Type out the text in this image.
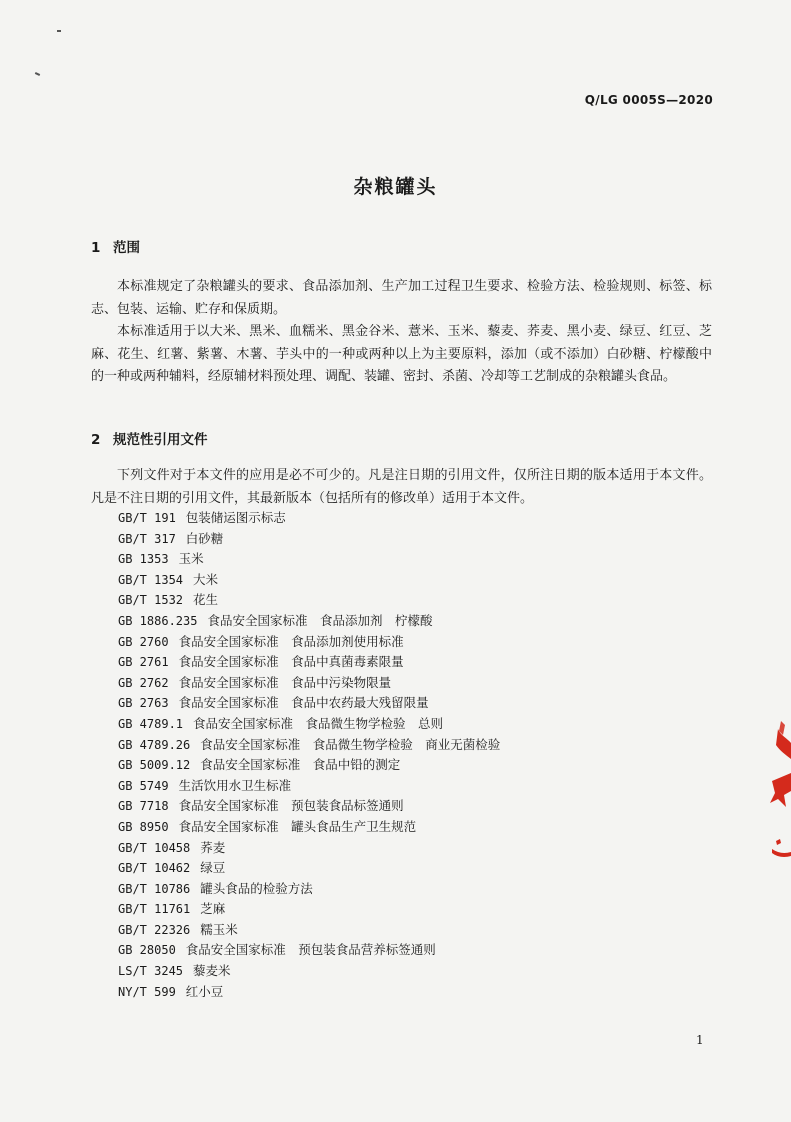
Q/LG 0005S—2020
杂粮罐头
1 范围
本标准规定了杂粮罐头的要求、食品添加剂、生产加工过程卫生要求、检验方法、检验规则、标签、标志、包装、运输、贮存和保质期。
本标准适用于以大米、黑米、血糯米、黑金谷米、薏米、玉米、藜麦、荞麦、黑小麦、绿豆、红豆、芝麻、花生、红薯、紫薯、木薯、芋头中的一种或两种以上为主要原料，添加（或不添加）白砂糖、柠檬酸中的一种或两种辅料，经原辅材料预处理、调配、装罐、密封、杀菌、冷却等工艺制成的杂粮罐头食品。
2 规范性引用文件
下列文件对于本文件的应用是必不可少的。凡是注日期的引用文件，仅所注日期的版本适用于本文件。凡是不注日期的引用文件，其最新版本（包括所有的修改单）适用于本文件。
GB/T 191 包装储运图示标志
GB/T 317 白砂糖
GB 1353 玉米
GB/T 1354 大米
GB/T 1532 花生
GB 1886.235 食品安全国家标准　食品添加剂　柠檬酸
GB 2760 食品安全国家标准　食品添加剂使用标准
GB 2761 食品安全国家标准　食品中真菌毒素限量
GB 2762 食品安全国家标准　食品中污染物限量
GB 2763 食品安全国家标准　食品中农药最大残留限量
GB 4789.1 食品安全国家标准　食品微生物学检验　总则
GB 4789.26 食品安全国家标准　食品微生物学检验　商业无菌检验
GB 5009.12 食品安全国家标准　食品中铅的测定
GB 5749 生活饮用水卫生标准
GB 7718 食品安全国家标准　预包装食品标签通则
GB 8950 食品安全国家标准　罐头食品生产卫生规范
GB/T 10458 荞麦
GB/T 10462 绿豆
GB/T 10786 罐头食品的检验方法
GB/T 11761 芝麻
GB/T 22326 糯玉米
GB 28050 食品安全国家标准　预包装食品营养标签通则
LS/T 3245 藜麦米
NY/T 599 红小豆
1
